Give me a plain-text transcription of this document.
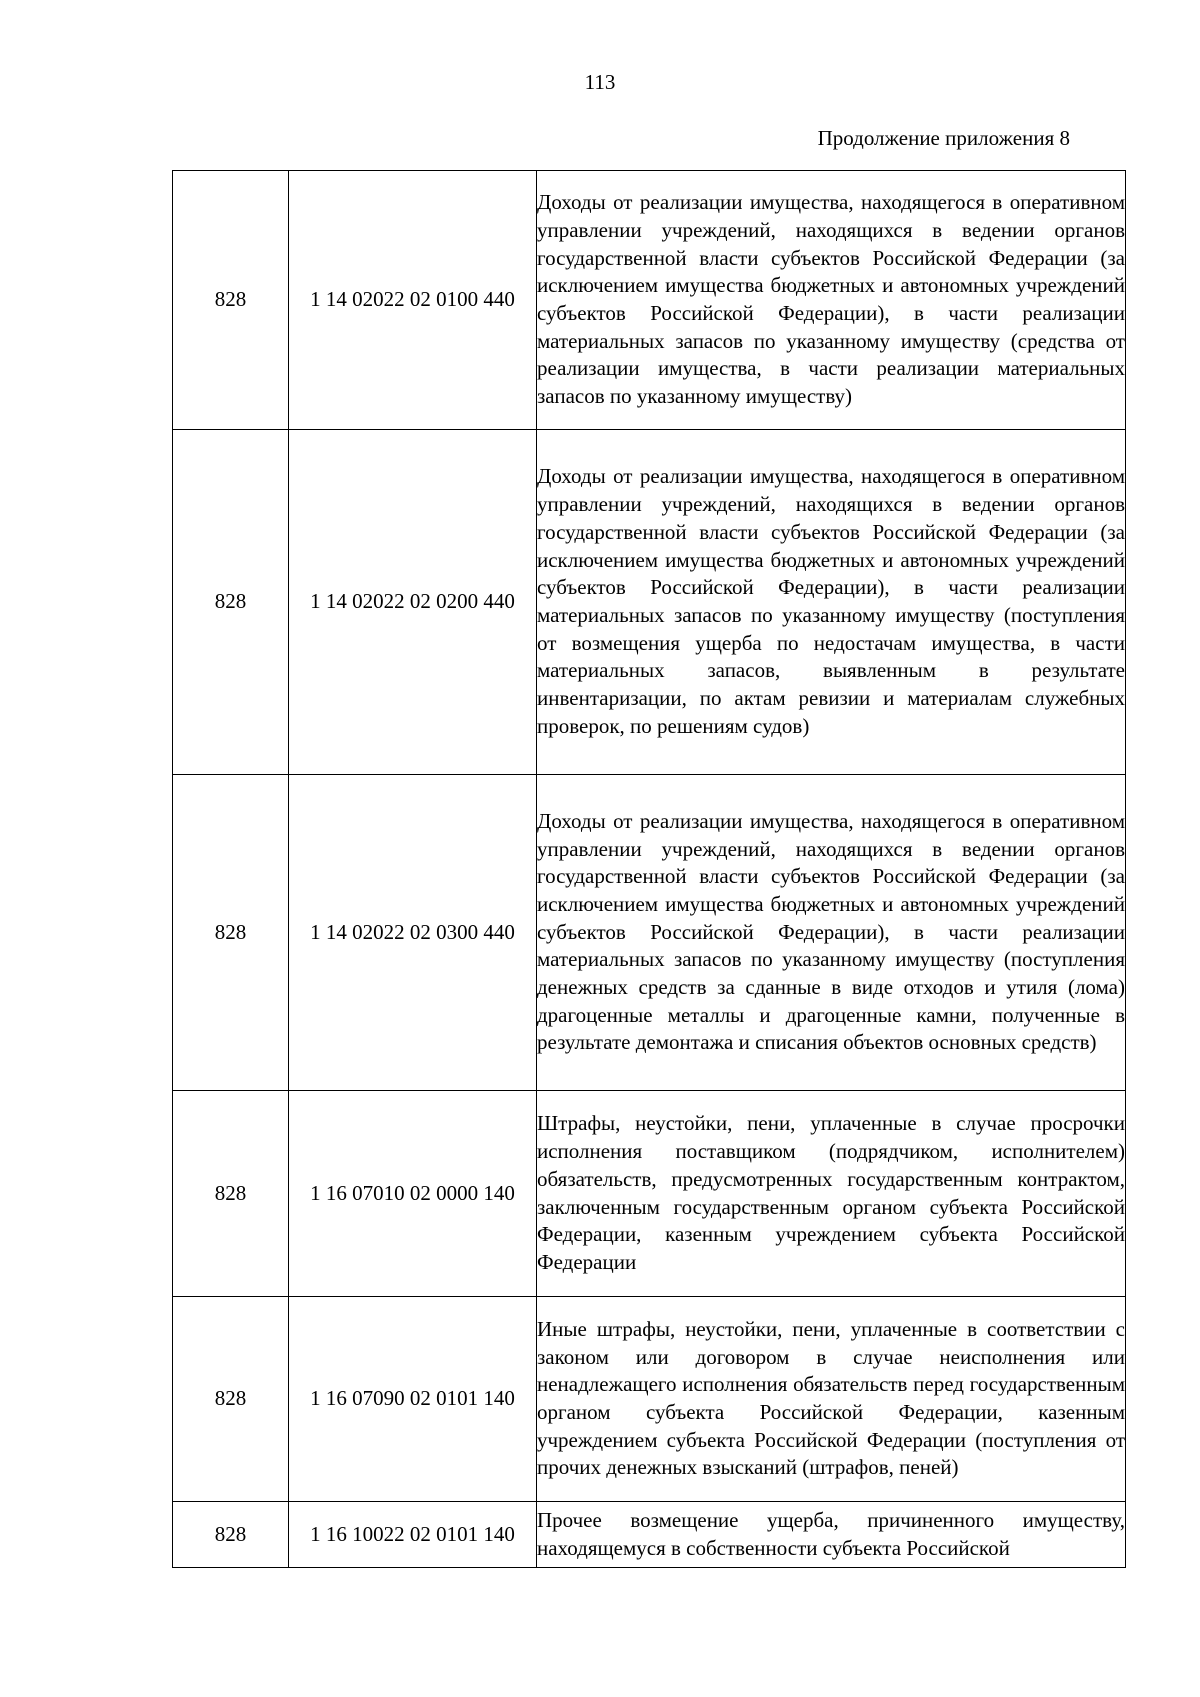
113
Продолжение приложения 8
828	1 14 02022 02 0100 440	Доходы от реализации имущества, находящегося в оперативном управлении учреждений, находящихся в ведении органов государственной власти субъектов Российской Федерации (за исключением имущества бюджетных и автономных учреждений субъектов Российской Федерации), в части реализации материальных запасов по указанному имуществу (средства от реализации имущества, в части реализации материальных запасов по указанному имуществу)
828	1 14 02022 02 0200 440	Доходы от реализации имущества, находящегося в оперативном управлении учреждений, находящихся в ведении органов государственной власти субъектов Российской Федерации (за исключением имущества бюджетных и автономных учреждений субъектов Российской Федерации), в части реализации материальных запасов по указанному имуществу (поступления от возмещения ущерба по недостачам имущества, в части материальных запасов, выявленным в результате инвентаризации, по актам ревизии и материалам служебных проверок, по решениям судов)
828	1 14 02022 02 0300 440	Доходы от реализации имущества, находящегося в оперативном управлении учреждений, находящихся в ведении органов государственной власти субъектов Российской Федерации (за исключением имущества бюджетных и автономных учреждений субъектов Российской Федерации), в части реализации материальных запасов по указанному имуществу (поступления денежных средств за сданные в виде отходов и утиля (лома) драгоценные металлы и драгоценные камни, полученные в результате демонтажа и списания объектов основных средств)
828	1 16 07010 02 0000 140	Штрафы, неустойки, пени, уплаченные в случае просрочки исполнения поставщиком (подрядчиком, исполнителем) обязательств, предусмотренных государственным контрактом, заключенным государственным органом субъекта Российской Федерации, казенным учреждением субъекта Российской Федерации
828	1 16 07090 02 0101 140	Иные штрафы, неустойки, пени, уплаченные в соответствии с законом или договором в случае неисполнения или ненадлежащего исполнения обязательств перед государственным органом субъекта Российской Федерации, казенным учреждением субъекта Российской Федерации (поступления от прочих денежных взысканий (штрафов, пеней)
828	1 16 10022 02 0101 140	Прочее возмещение ущерба, причиненного имуществу, находящемуся в собственности субъекта Российской
